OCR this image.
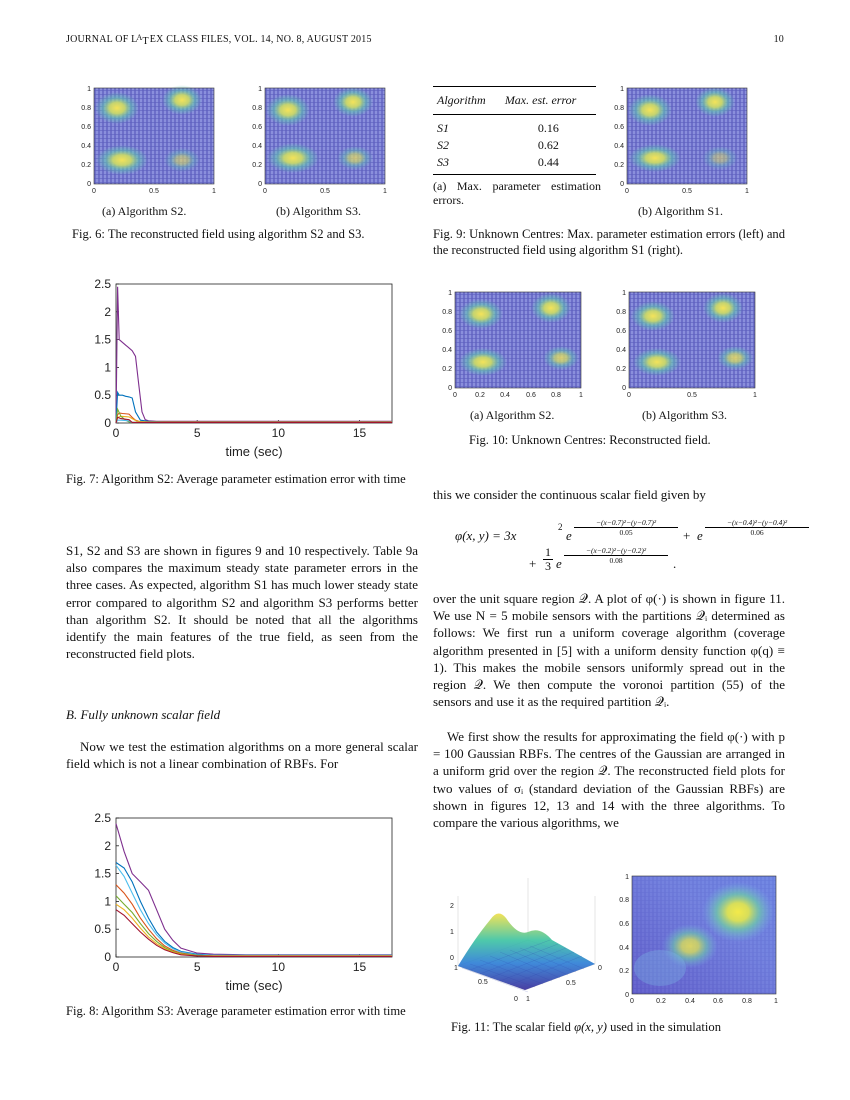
JOURNAL OF $L^ATEX$ CLASS FILES, VOL. 14, NO. 8, AUGUST 2015	10
0
0.2
0.4
0.6
0.8
1
0	0.5	1
(a) Algorithm S2.
0
0.2
0.4
0.6
0.8
1
0	0.5	1
(b) Algorithm S3.
Fig. 6: The reconstructed field using algorithm S2 and S3.
0
0.5
1
1.5
2
2.5
0	5	10	15
time (sec)
Fig. 7: Algorithm S2: Average parameter estimation error with time
S1, S2 and S3 are shown in figures 9 and 10 respectively. Table 9a also compares the maximum steady state parameter errors in the three cases. As expected, algorithm S1 has much lower steady state error compared to algorithm S2 and algorithm S3 performs better than algorithm S2. It should be noted that all the algorithms identify the main features of the true field, as seen from the reconstructed field plots.
B. Fully unknown scalar field
Now we test the estimation algorithms on a more general scalar field which is not a linear combination of RBFs. For
0
0.5
1
1.5
2
2.5
0	5	10	15
time (sec)
Fig. 8: Algorithm S3: Average parameter estimation error with time
Algorithm	Max. est. error
S1	0.16
S2	0.62
S3	0.44
(a) Max. parameter estimation errors.
0
0.2
0.4
0.6
0.8
1
0	0.5	1
(b) Algorithm S1.
Fig. 9: Unknown Centres: Max. parameter estimation errors (left) and the reconstructed field using algorithm S1 (right).
0
0.2
0.4
0.6
0.8
1
0	0.2 0.4 0.6 0.8	1
(a) Algorithm S2.
0
0.2
0.4
0.6
0.8
1
0	0.5	1
(b) Algorithm S3.
Fig. 10: Unknown Centres: Reconstructed field.
this we consider the continuous scalar field given by
φ(x, y) = 3x
2
e $\frac{\text{−(x−0.7)²−(y−0.7)²}}{0.05} + e \frac{\text{−(x−0.4)²−(y−0.4)²}}{0.06}$
+ $\frac{1}{3}$ e $\frac{\text{−(x−0.2)²−(y−0.2)²}}{0.08}$ .
over the unit square region 𝒬. A plot of φ(·) is shown in figure 11. We use N = 5 mobile sensors with the partitions 𝒬ᵢ determined as follows: We first run a uniform coverage algorithm (coverage algorithm presented in [5] with a uniform density function φ(q) ≡ 1). This makes the mobile sensors uniformly spread out in the region 𝒬. We then compute the voronoi partition (55) of the sensors and use it as the required partition 𝒬ᵢ.
We first show the results for approximating the field φ(·) with p = 100 Gaussian RBFs. The centres of the Gaussian are arranged in a uniform grid over the region 𝒬. The reconstructed field plots for two values of σᵢ (standard deviation of the Gaussian RBFs) are shown in figures 12, 13 and 14 with the three algorithms. To compare the various algorithms, we
2
1
0
1
0.5
0 1
0.5
0
0
0.2
0.4
0.6
0.8
1
0	0.2	0.4	0.6	0.8	1
Fig. 11: The scalar field φ(x, y) used in the simulation
